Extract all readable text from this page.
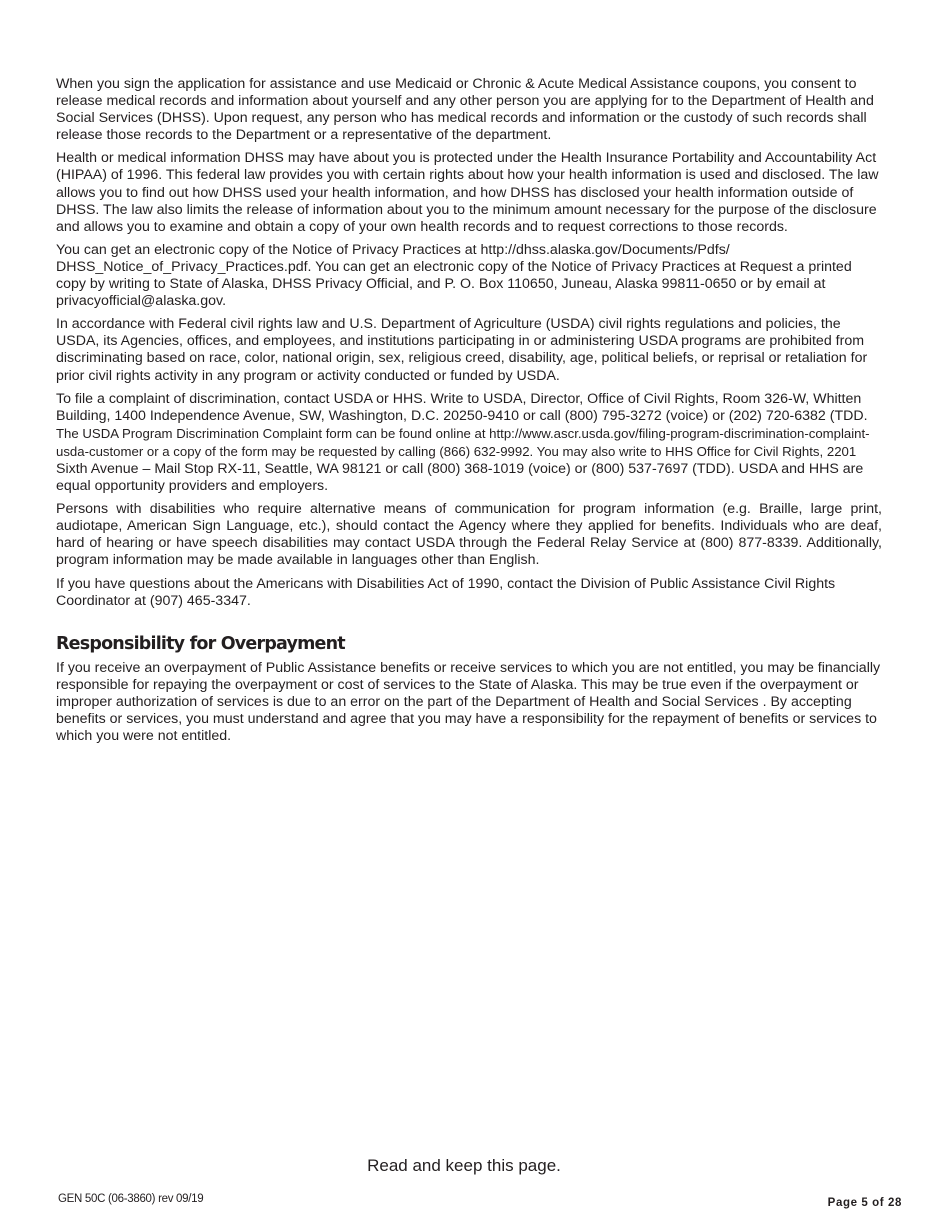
When you sign the application for assistance and use Medicaid or Chronic & Acute Medical Assistance coupons, you consent to release medical records and information about yourself and any other person you are applying for to the Department of Health and Social Services (DHSS). Upon request, any person who has medical records and information or the custody of such records shall release those records to the Department or a representative of the department.

Health or medical information DHSS may have about you is protected under the Health Insurance Portability and Accountability Act (HIPAA) of 1996. This federal law provides you with certain rights about how your health information is used and disclosed. The law allows you to find out how DHSS used your health information, and how DHSS has disclosed your health information outside of DHSS. The law also limits the release of information about you to the minimum amount necessary for the purpose of the disclosure and allows you to examine and obtain a copy of your own health records and to request corrections to those records.

You can get an electronic copy of the Notice of Privacy Practices at http://dhss.alaska.gov/Documents/Pdfs/
DHSS_Notice_of_Privacy_Practices.pdf. You can get an electronic copy of the Notice of Privacy Practices at Request a printed copy by writing to State of Alaska, DHSS Privacy Official, and P. O. Box 110650, Juneau, Alaska 99811-0650 or by email at privacyofficial@alaska.gov.

In accordance with Federal civil rights law and U.S. Department of Agriculture (USDA) civil rights regulations and policies, the USDA, its Agencies, offices, and employees, and institutions participating in or administering USDA programs are prohibited from discriminating based on race, color, national origin, sex, religious creed, disability, age, political beliefs, or reprisal or retaliation for prior civil rights activity in any program or activity conducted or funded by USDA.

To file a complaint of discrimination, contact USDA or HHS. Write to USDA, Director, Office of Civil Rights, Room 326-W, Whitten Building, 1400 Independence Avenue, SW, Washington, D.C. 20250-9410 or call (800) 795-3272 (voice) or (202) 720-6382 (TDD. The USDA Program Discrimination Complaint form can be found online at http://www.ascr.usda.gov/filing-program-discrimination-complaint-usda-customer or a copy of the form may be requested by calling (866) 632-9992. You may also write to HHS Office for Civil Rights, 2201 Sixth Avenue – Mail Stop RX-11, Seattle, WA 98121 or call (800) 368-1019 (voice) or (800) 537-7697 (TDD). USDA and HHS are equal opportunity providers and employers.

Persons with disabilities who require alternative means of communication for program information (e.g. Braille, large print, audiotape, American Sign Language, etc.), should contact the Agency where they applied for benefits. Individuals who are deaf, hard of hearing or have speech disabilities may contact USDA through the Federal Relay Service at (800) 877-8339. Additionally, program information may be made available in languages other than English.

If you have questions about the Americans with Disabilities Act of 1990, contact the Division of Public Assistance Civil Rights Coordinator at (907) 465-3347.

Responsibility for Overpayment

If you receive an overpayment of Public Assistance benefits or receive services to which you are not entitled, you may be financially responsible for repaying the overpayment or cost of services to the State of Alaska. This may be true even if the overpayment or improper authorization of services is due to an error on the part of the Department of Health and Social Services . By accepting benefits or services, you must understand and agree that you may have a responsibility for the repayment of benefits or services to which you were not entitled.

Read and keep this page.
GEN 50C (06-3860) rev 09/19	Page 5 of 28
